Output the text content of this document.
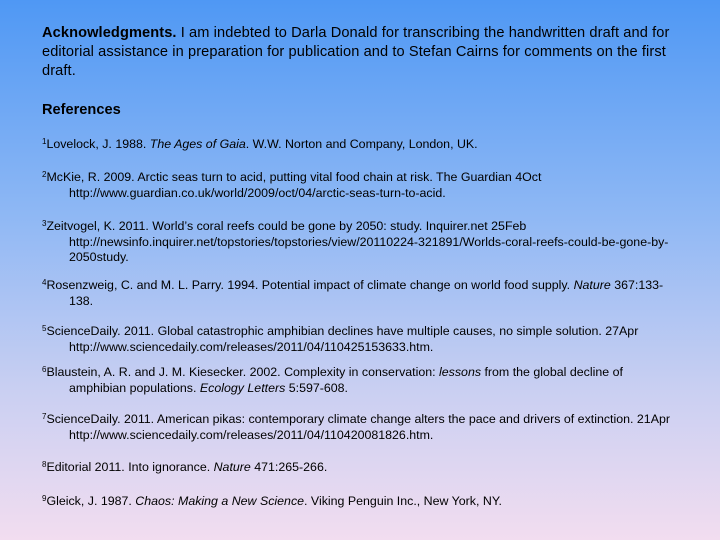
Acknowledgments. I am indebted to Darla Donald for transcribing the handwritten draft and for editorial assistance in preparation for publication and to Stefan Cairns for comments on the first draft.
References
$^1$Lovelock, J. 1988. The Ages of Gaia. W.W. Norton and Company, London, UK.
$^2$McKie, R. 2009. Arctic seas turn to acid, putting vital food chain at risk. The Guardian 4Oct http://www.guardian.co.uk/world/2009/oct/04/arctic-seas-turn-to-acid.
$^3$Zeitvogel, K. 2011. World’s coral reefs could be gone by 2050: study. Inquirer.net 25Feb http://newsinfo.inquirer.net/topstories/topstories/view/20110224-321891/Worlds-coral-reefs-could-be-gone-by-2050study.
$^4$Rosenzweig, C. and M. L. Parry. 1994. Potential impact of climate change on world food supply. Nature 367:133-138.
$^5$ScienceDaily. 2011. Global catastrophic amphibian declines have multiple causes, no simple solution. 27Apr http://www.sciencedaily.com/releases/2011/04/110425153633.htm.
$^6$Blaustein, A. R. and J. M. Kiesecker. 2002. Complexity in conservation: lessons from the global decline of amphibian populations. Ecology Letters 5:597-608.
$^7$ScienceDaily. 2011. American pikas: contemporary climate change alters the pace and drivers of extinction. 21Apr http://www.sciencedaily.com/releases/2011/04/110420081826.htm.
$^8$Editorial 2011. Into ignorance. Nature 471:265-266.
$^9$Gleick, J. 1987. Chaos: Making a New Science. Viking Penguin Inc., New York, NY.
